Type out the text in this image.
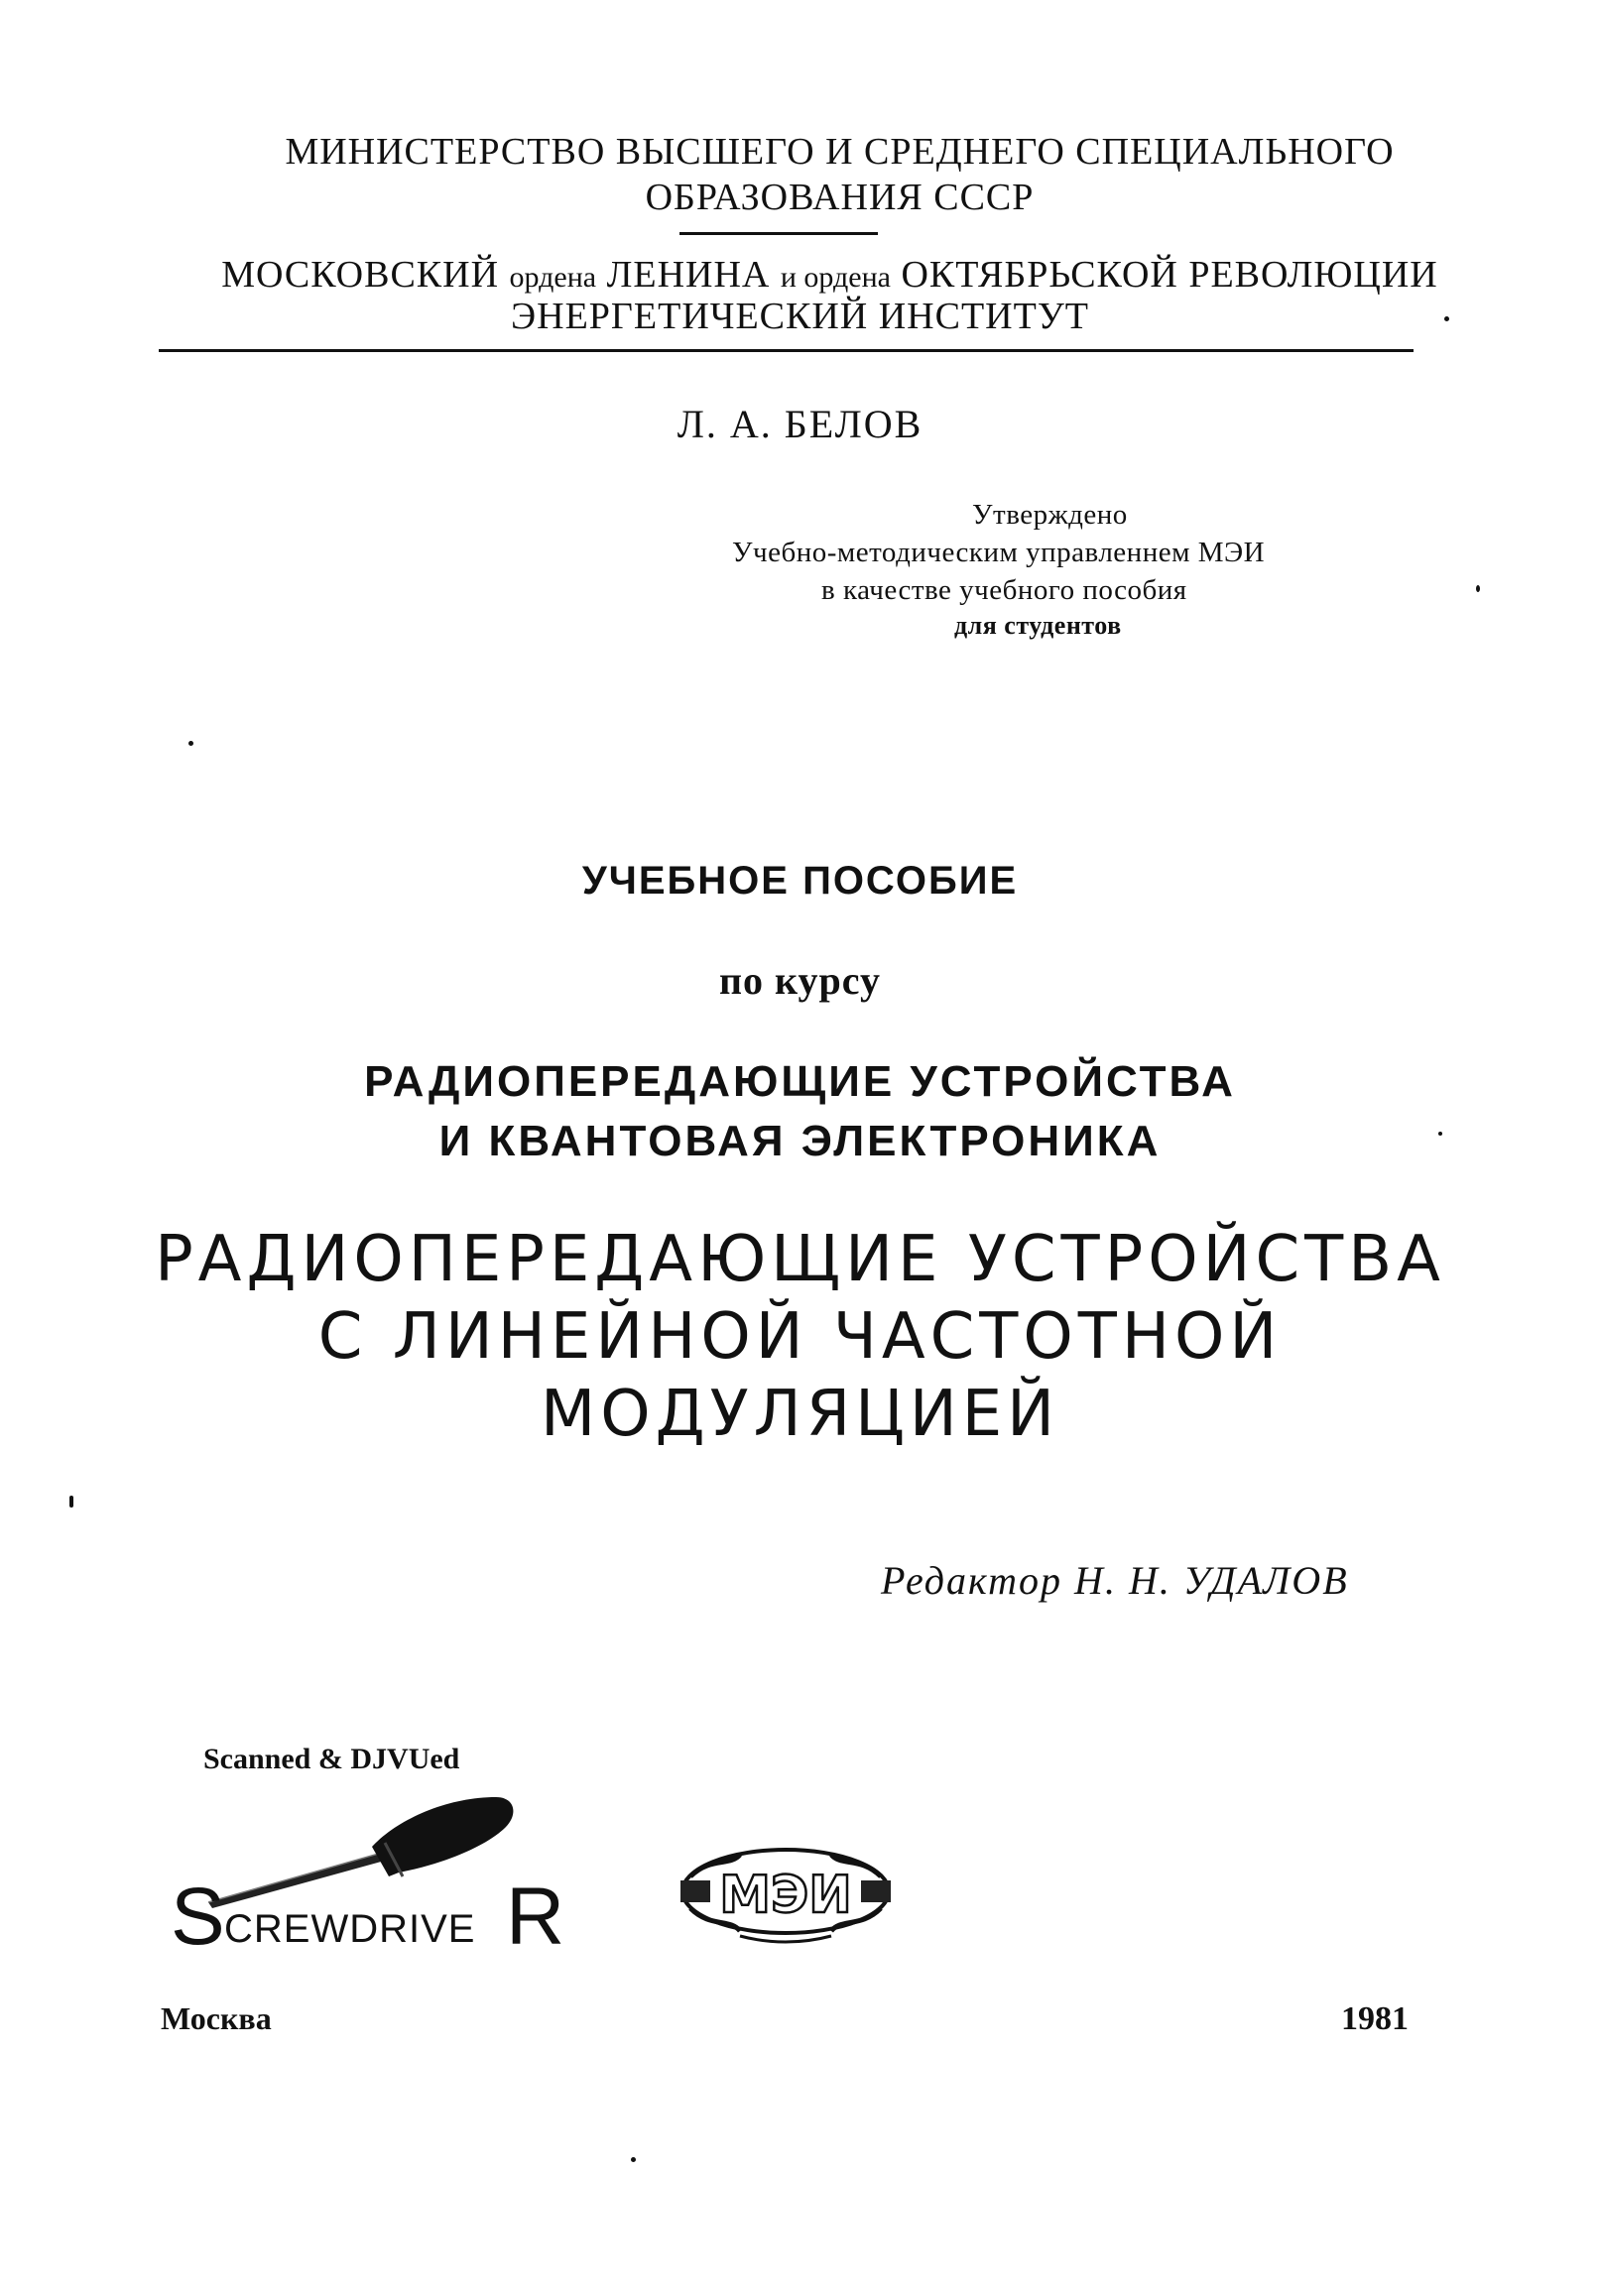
МИНИСТЕРСТВО ВЫСШЕГО И СРЕДНЕГО СПЕЦИАЛЬНОГО
ОБРАЗОВАНИЯ СССР
МОСКОВСКИЙ ордена ЛЕНИНА и ордена ОКТЯБРЬСКОЙ РЕВОЛЮЦИИ
ЭНЕРГЕТИЧЕСКИЙ ИНСТИТУТ
Л. А. БЕЛОВ
Утверждено
Учебно-методическим управленнем МЭИ
в качестве учебного пособия
для студентов
УЧЕБНОЕ ПОСОБИЕ
по курсу
РАДИОПЕРЕДАЮЩИЕ УСТРОЙСТВА
И КВАНТОВАЯ ЭЛЕКТРОНИКА
РАДИОПЕРЕДАЮЩИЕ УСТРОЙСТВА
С ЛИНЕЙНОЙ ЧАСТОТНОЙ
МОДУЛЯЦИЕЙ
Редактор Н. Н. УДАЛОВ
Scanned & DJVUed
S CREWDRIVE R	МЭИ
Москва	1981
